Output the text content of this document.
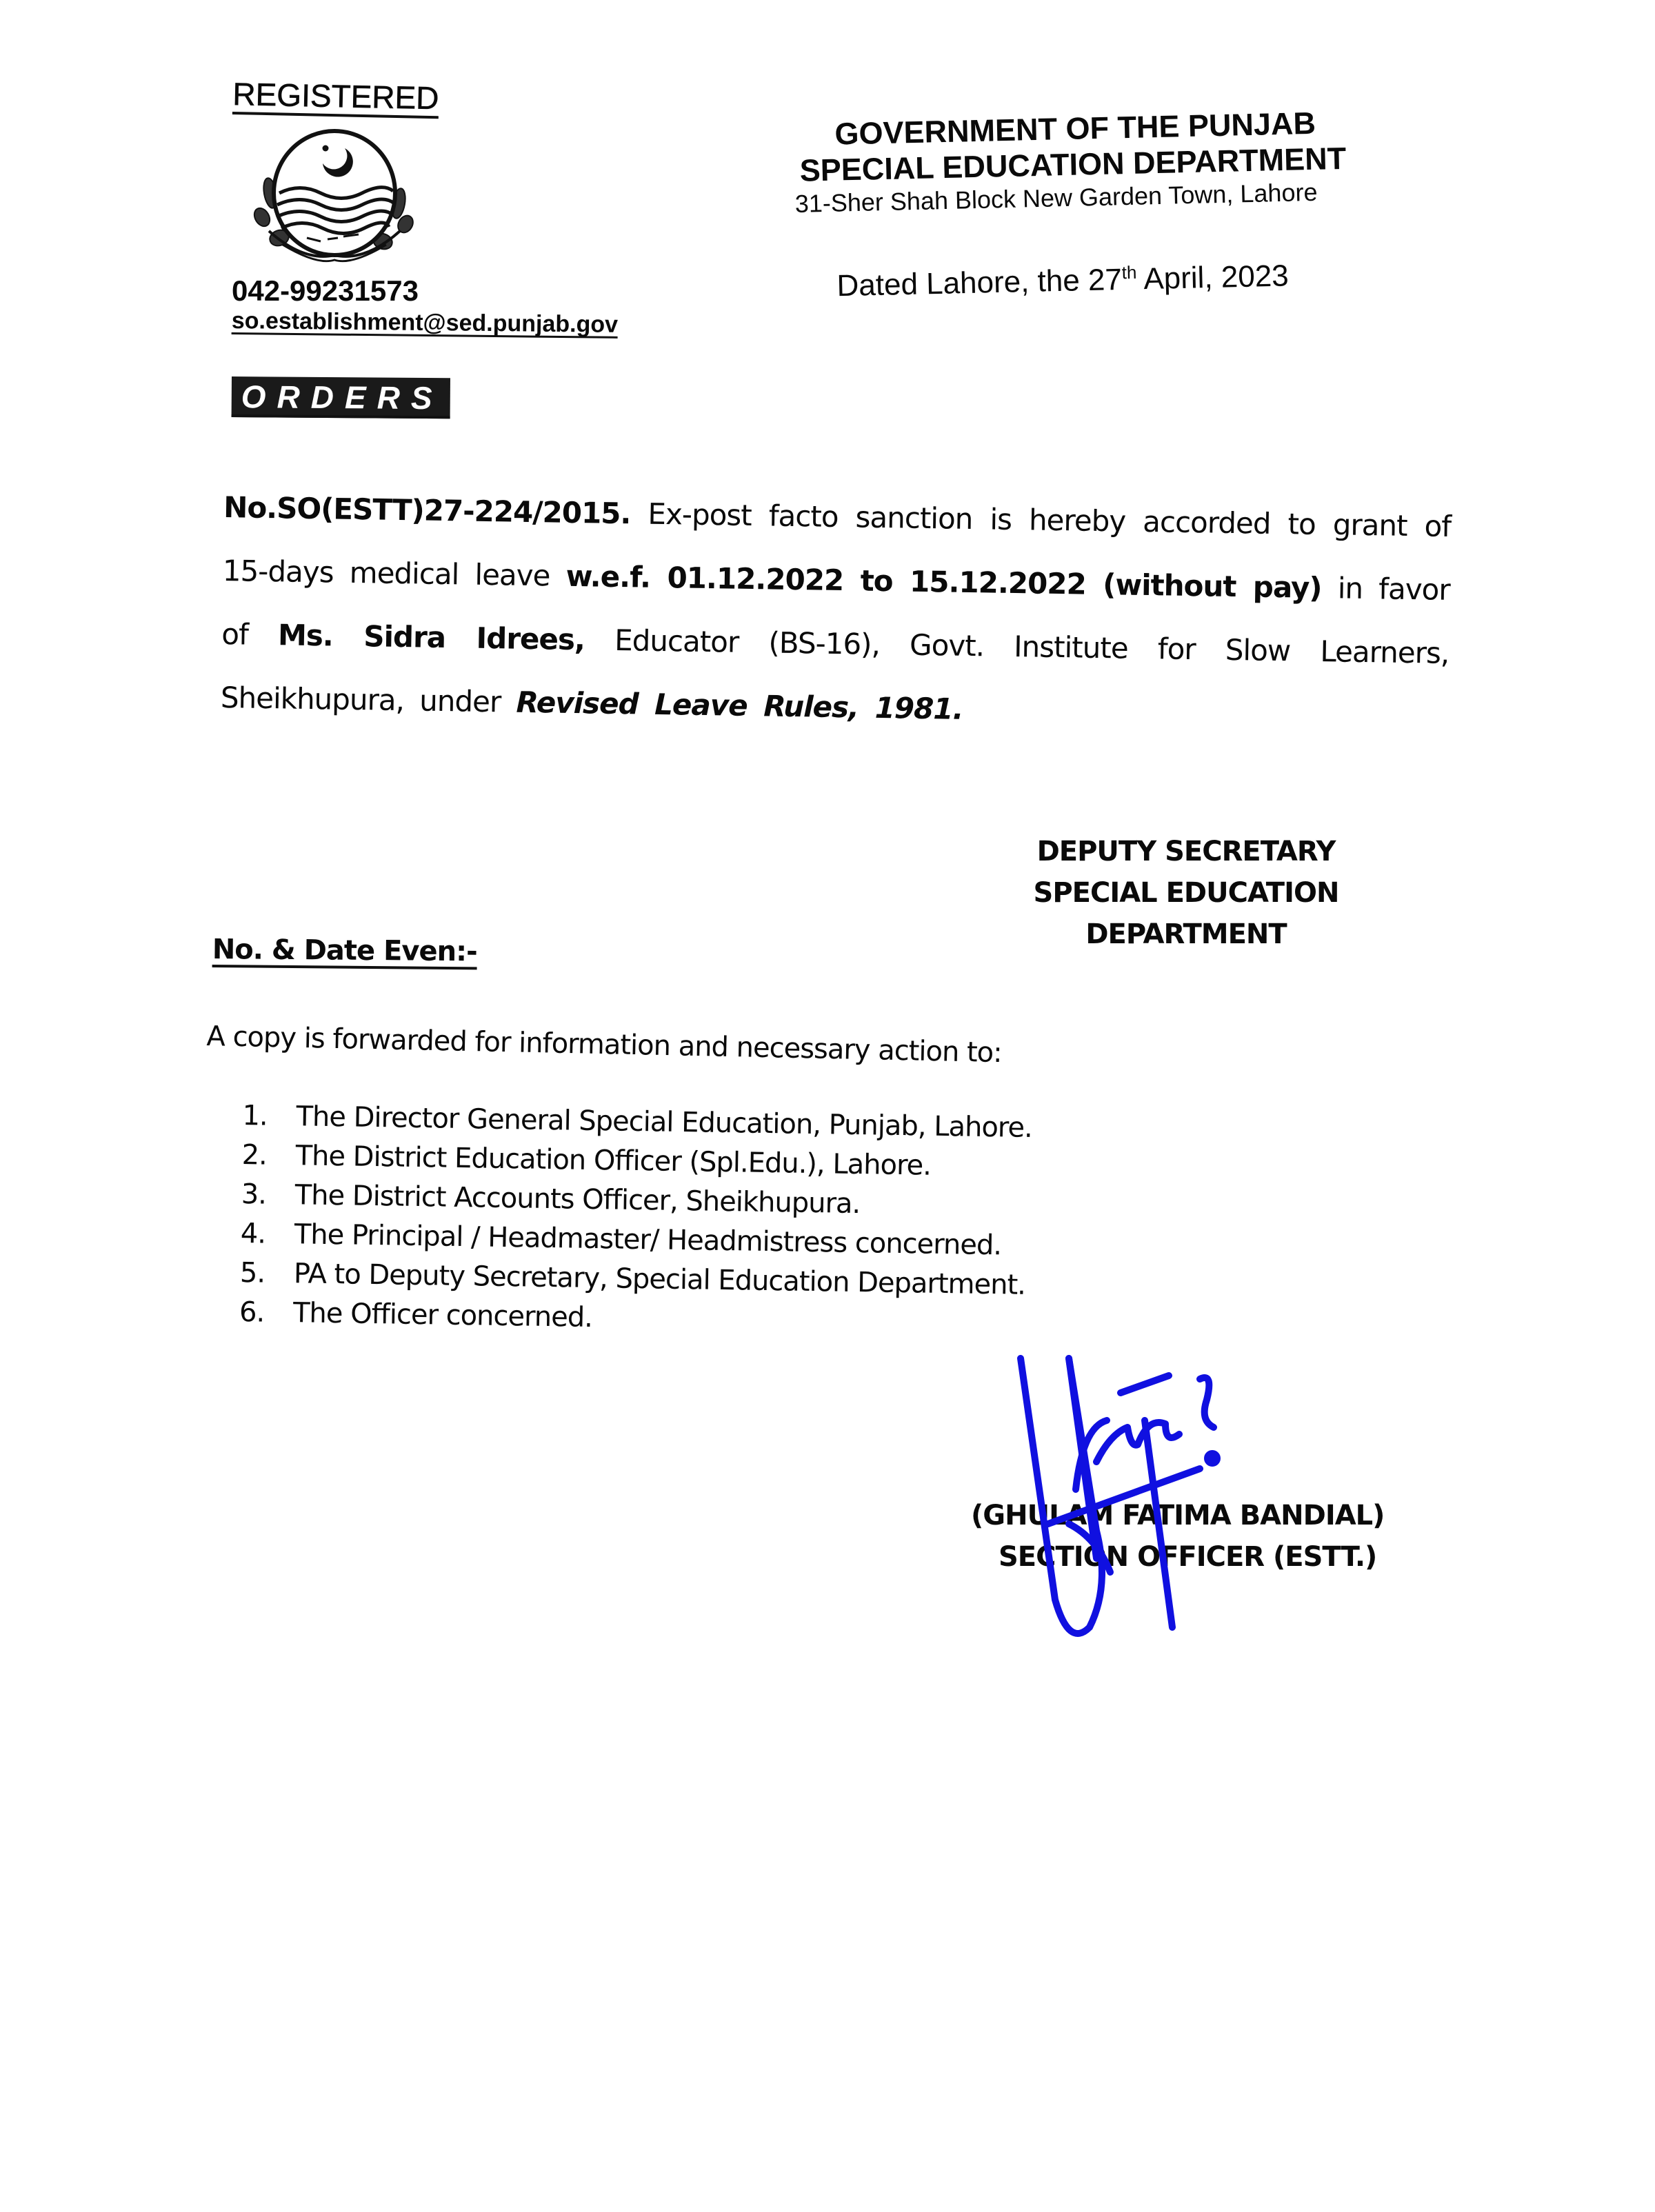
REGISTERED
042-99231573
so.establishment@sed.punjab.gov
GOVERNMENT OF THE PUNJAB
SPECIAL EDUCATION DEPARTMENT
31-Sher Shah Block New Garden Town, Lahore
Dated Lahore, the 27th April, 2023
ORDERS
No.SO(ESTT)27-224/2015. Ex-post facto sanction is hereby accorded to grant of 15-days medical leave w.e.f. 01.12.2022 to 15.12.2022 (without pay) in favor of Ms. Sidra Idrees, Educator (BS-16), Govt. Institute for Slow Learners, Sheikhupura, under Revised Leave Rules, 1981.
DEPUTY SECRETARY
SPECIAL EDUCATION
DEPARTMENT
No. & Date Even:-
A copy is forwarded for information and necessary action to:
1.	The Director General Special Education, Punjab, Lahore.
2.	The District Education Officer (Spl.Edu.), Lahore.
3.	The District Accounts Officer, Sheikhupura.
4.	The Principal / Headmaster/ Headmistress concerned.
5.	PA to Deputy Secretary, Special Education Department.
6.	The Officer concerned.
(GHULAM FATIMA BANDIAL)
SECTION OFFICER (ESTT.)
